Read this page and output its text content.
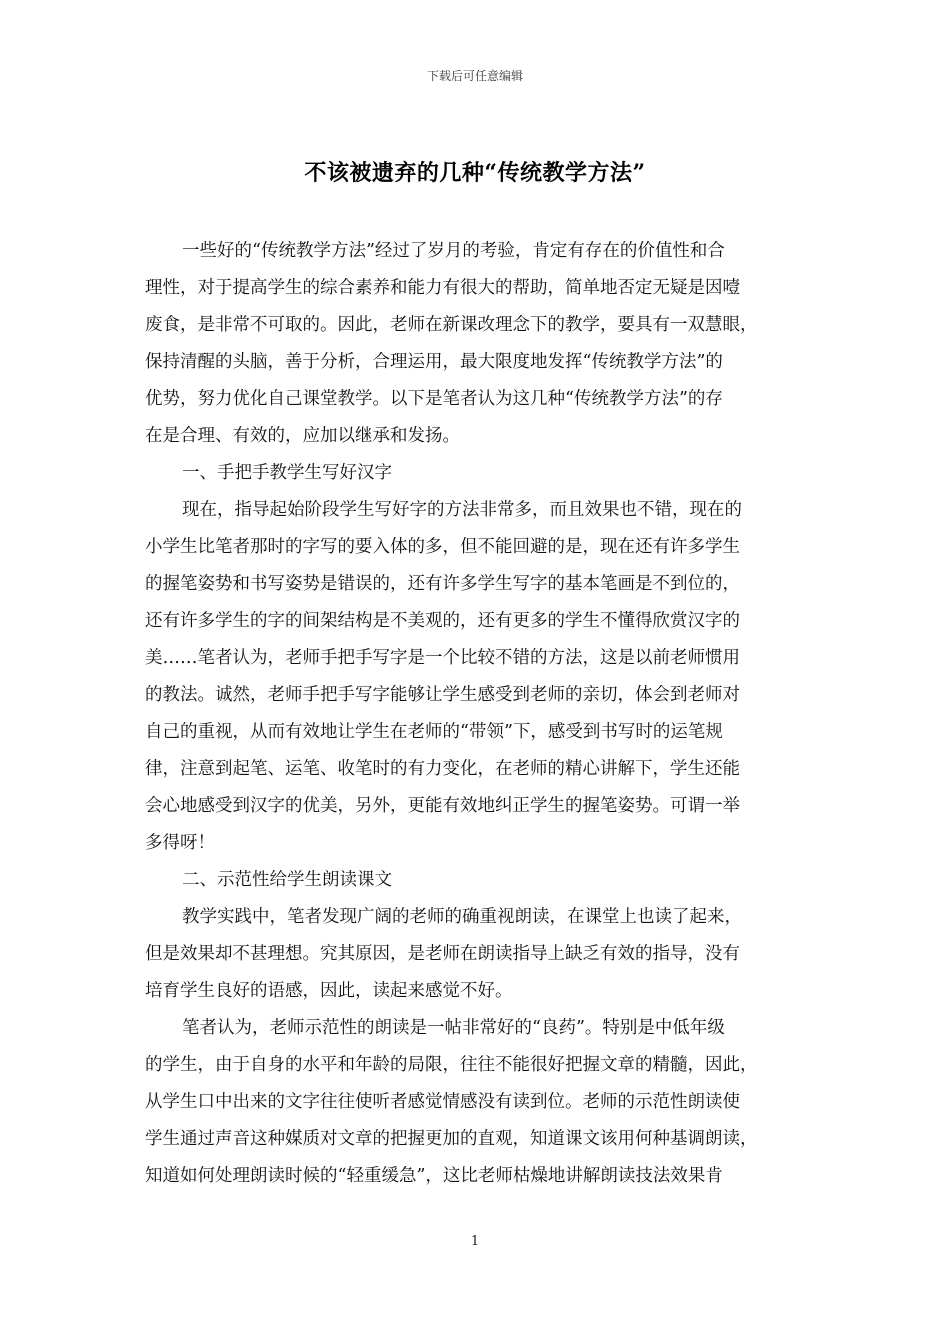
下载后可任意编辑
不该被遗弃的几种“传统教学方法”
一些好的“传统教学方法”经过了岁月的考验，肯定有存在的价值性和合
理性，对于提高学生的综合素养和能力有很大的帮助，简单地否定无疑是因噎
废食，是非常不可取的。因此，老师在新课改理念下的教学，要具有一双慧眼，
保持清醒的头脑，善于分析，合理运用，最大限度地发挥“传统教学方法”的
优势，努力优化自己课堂教学。以下是笔者认为这几种“传统教学方法”的存
在是合理、有效的，应加以继承和发扬。
一、手把手教学生写好汉字
现在，指导起始阶段学生写好字的方法非常多，而且效果也不错，现在的
小学生比笔者那时的字写的要入体的多，但不能回避的是，现在还有许多学生
的握笔姿势和书写姿势是错误的，还有许多学生写字的基本笔画是不到位的，
还有许多学生的字的间架结构是不美观的，还有更多的学生不懂得欣赏汉字的
美……笔者认为，老师手把手写字是一个比较不错的方法，这是以前老师惯用
的教法。诚然，老师手把手写字能够让学生感受到老师的亲切，体会到老师对
自己的重视，从而有效地让学生在老师的“带领”下，感受到书写时的运笔规
律，注意到起笔、运笔、收笔时的有力变化，在老师的精心讲解下，学生还能
会心地感受到汉字的优美，另外，更能有效地纠正学生的握笔姿势。可谓一举
多得呀！
二、示范性给学生朗读课文
教学实践中，笔者发现广阔的老师的确重视朗读，在课堂上也读了起来，
但是效果却不甚理想。究其原因，是老师在朗读指导上缺乏有效的指导，没有
培育学生良好的语感，因此，读起来感觉不好。
笔者认为，老师示范性的朗读是一帖非常好的“良药”。特别是中低年级
的学生，由于自身的水平和年龄的局限，往往不能很好把握文章的精髓，因此，
从学生口中出来的文字往往使听者感觉情感没有读到位。老师的示范性朗读使
学生通过声音这种媒质对文章的把握更加的直观，知道课文该用何种基调朗读，
知道如何处理朗读时候的“轻重缓急”，这比老师枯燥地讲解朗读技法效果肯
1
